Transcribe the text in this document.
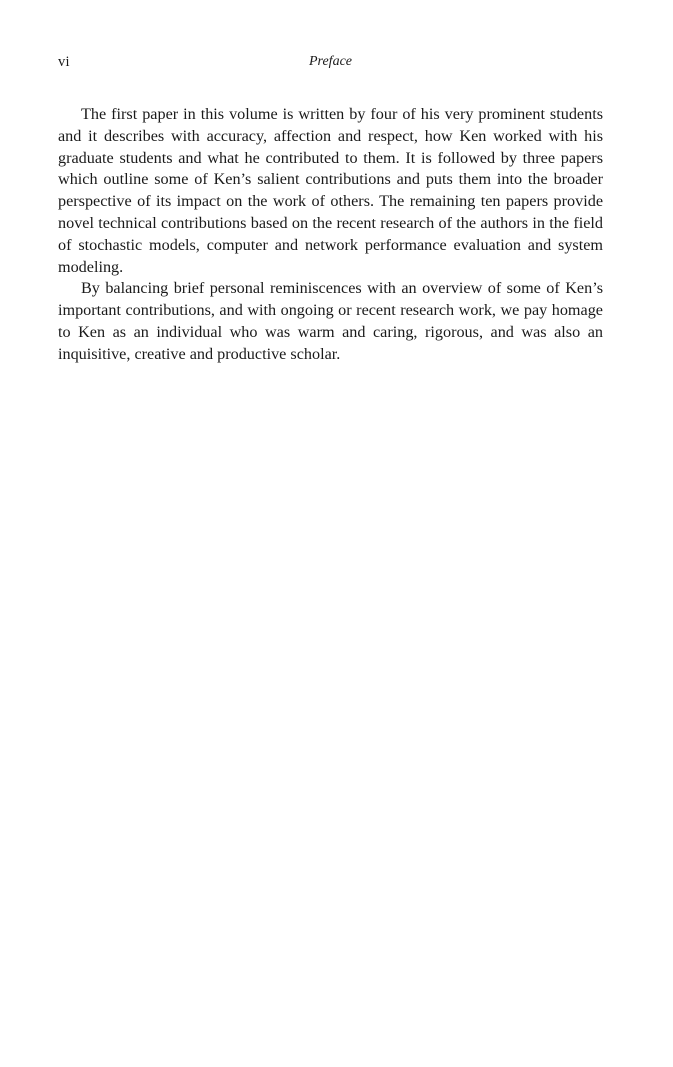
vi	Preface

The first paper in this volume is written by four of his very prominent students and it describes with accuracy, affection and respect, how Ken worked with his graduate students and what he contributed to them. It is followed by three papers which outline some of Ken’s salient contributions and puts them into the broader perspective of its impact on the work of others. The remaining ten papers provide novel technical contributions based on the recent research of the authors in the field of stochastic models, computer and network performance evaluation and system modeling.

By balancing brief personal reminiscences with an overview of some of Ken’s important contributions, and with ongoing or recent research work, we pay homage to Ken as an individual who was warm and caring, rigorous, and was also an inquisitive, creative and productive scholar.
